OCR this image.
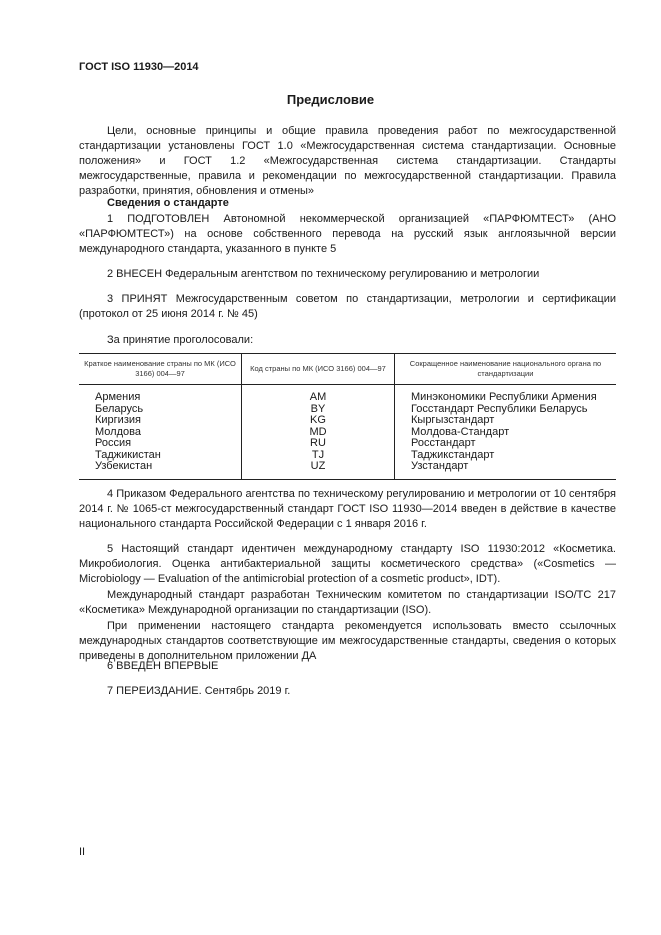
ГОСТ ISO 11930—2014
Предисловие

Цели, основные принципы и общие правила проведения работ по межгосударственной стандартизации установлены ГОСТ 1.0 «Межгосударственная система стандартизации. Основные положения» и ГОСТ 1.2 «Межгосударственная система стандартизации. Стандарты межгосударственные, правила и рекомендации по межгосударственной стандартизации. Правила разработки, принятия, обновления и отмены»

Сведения о стандарте

1 ПОДГОТОВЛЕН Автономной некоммерческой организацией «ПАРФЮМТЕСТ» (АНО «ПАРФЮМТЕСТ») на основе собственного перевода на русский язык англоязычной версии международного стандарта, указанного в пункте 5

2 ВНЕСЕН Федеральным агентством по техническому регулированию и метрологии

3 ПРИНЯТ Межгосударственным советом по стандартизации, метрологии и сертификации (протокол от 25 июня 2014 г. № 45)

За принятие проголосовали:

Краткое наименование страны по МК (ИСО 3166) 004—97	Код страны по МК (ИСО 3166) 004—97	Сокращенное наименование национального органа по стандартизации
Армения	AM	Минэкономики Республики Армения
Беларусь	BY	Госстандарт Республики Беларусь
Киргизия	KG	Кыргызстандарт
Молдова	MD	Молдова-Стандарт
Россия	RU	Росстандарт
Таджикистан	TJ	Таджикстандарт
Узбекистан	UZ	Узстандарт

4 Приказом Федерального агентства по техническому регулированию и метрологии от 10 сентября 2014 г. № 1065-ст межгосударственный стандарт ГОСТ ISO 11930—2014 введен в действие в качестве национального стандарта Российской Федерации с 1 января 2016 г.

5 Настоящий стандарт идентичен международному стандарту ISO 11930:2012 «Косметика. Микробиология. Оценка антибактериальной защиты косметического средства» («Cosmetics — Microbiology — Evaluation of the antimicrobial protection of a cosmetic product», IDT).

Международный стандарт разработан Техническим комитетом по стандартизации ISO/TC 217 «Косметика» Международной организации по стандартизации (ISO).

При применении настоящего стандарта рекомендуется использовать вместо ссылочных международных стандартов соответствующие им межгосударственные стандарты, сведения о которых приведены в дополнительном приложении ДА

6 ВВЕДЕН ВПЕРВЫЕ

7 ПЕРЕИЗДАНИЕ. Сентябрь 2019 г.

II
